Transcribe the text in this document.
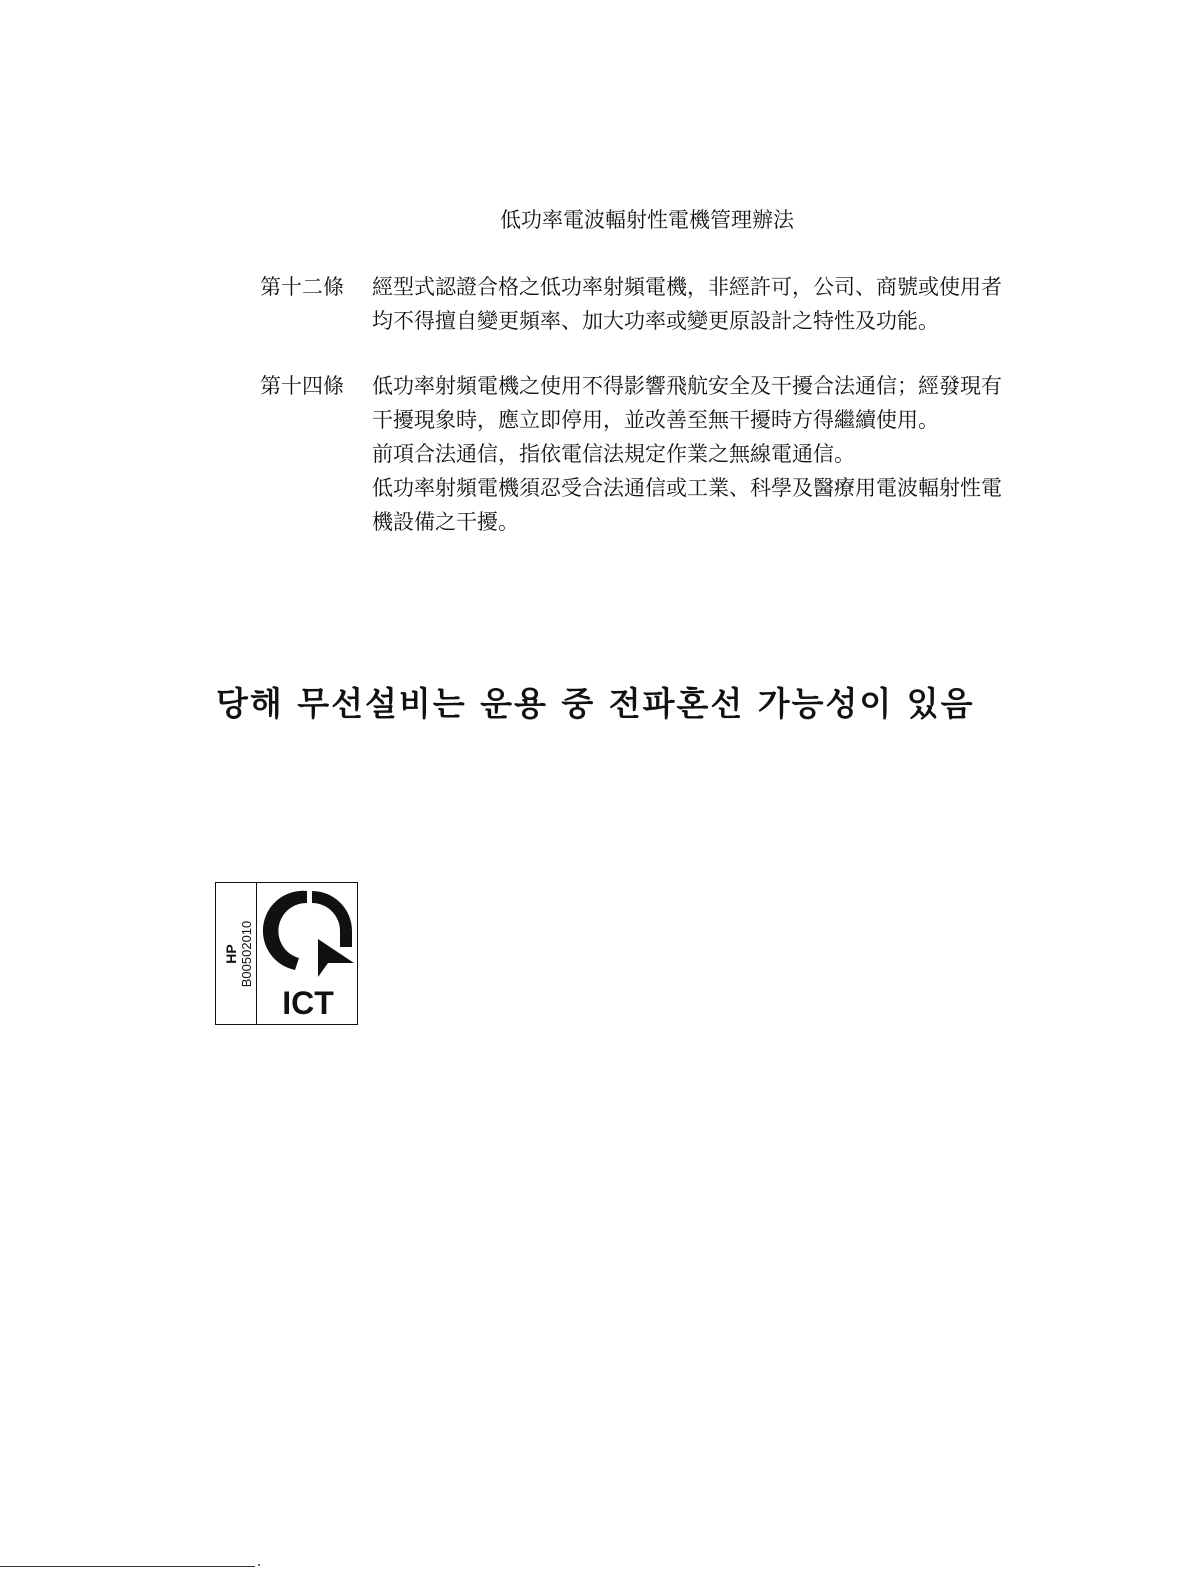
低功率電波輻射性電機管理辦法
第十二條	經型式認證合格之低功率射頻電機，非經許可，公司、商號或使用者
均不得擅自變更頻率、加大功率或變更原設計之特性及功能。
第十四條	低功率射頻電機之使用不得影響飛航安全及干擾合法通信；經發現有
干擾現象時，應立即停用，並改善至無干擾時方得繼續使用。
前項合法通信，指依電信法規定作業之無線電通信。
低功率射頻電機須忍受合法通信或工業、科學及醫療用電波輻射性電
機設備之干擾。
당해 무선설비는 운용 중 전파혼선 가능성이 있음
HP B00502010
ICT
